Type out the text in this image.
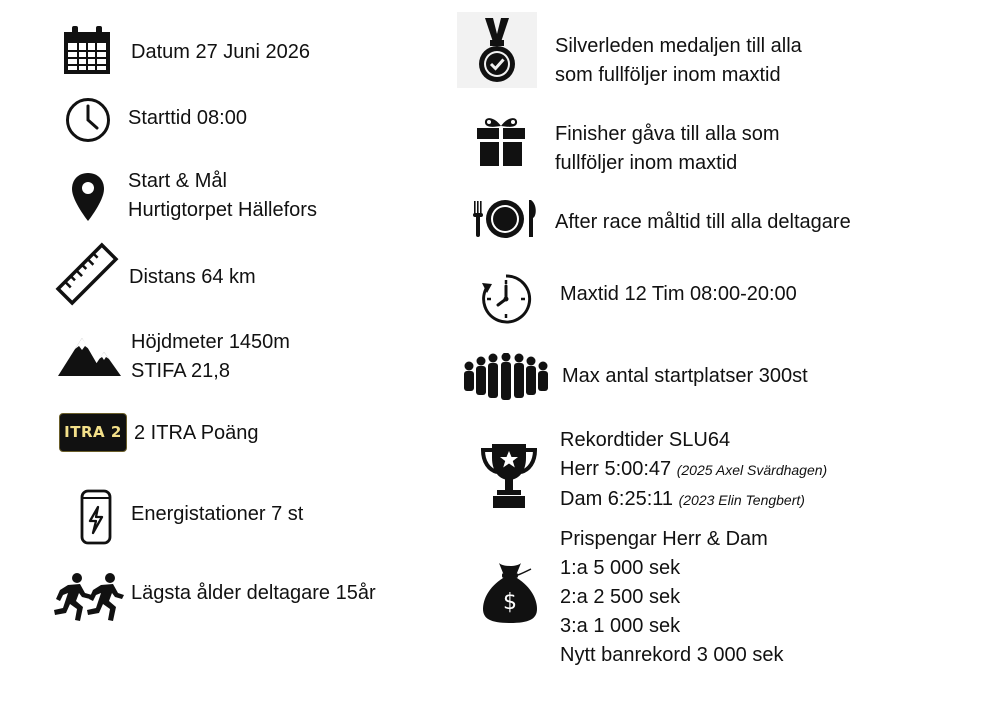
Datum 27 Juni 2026
Starttid 08:00
Start & Mål
Hurtigtorpet Hällefors
Distans 64 km
Höjdmeter 1450m
STIFA 21,8
ITRA 2 2 ITRA Poäng
Energistationer 7 st
Lägsta ålder deltagare 15år
Silverleden medaljen till alla
som fullföljer inom maxtid
Finisher gåva till alla som
fullföljer inom maxtid
After race måltid till alla deltagare
Maxtid 12 Tim 08:00-20:00
Max antal startplatser 300st
Rekordtider SLU64
Herr 5:00:47 (2025 Axel Svärdhagen)
Dam 6:25:11 (2023 Elin Tengbert)
$
Prispengar Herr & Dam
1:a 5 000 sek
2:a 2 500 sek
3:a 1 000 sek
Nytt banrekord 3 000 sek
